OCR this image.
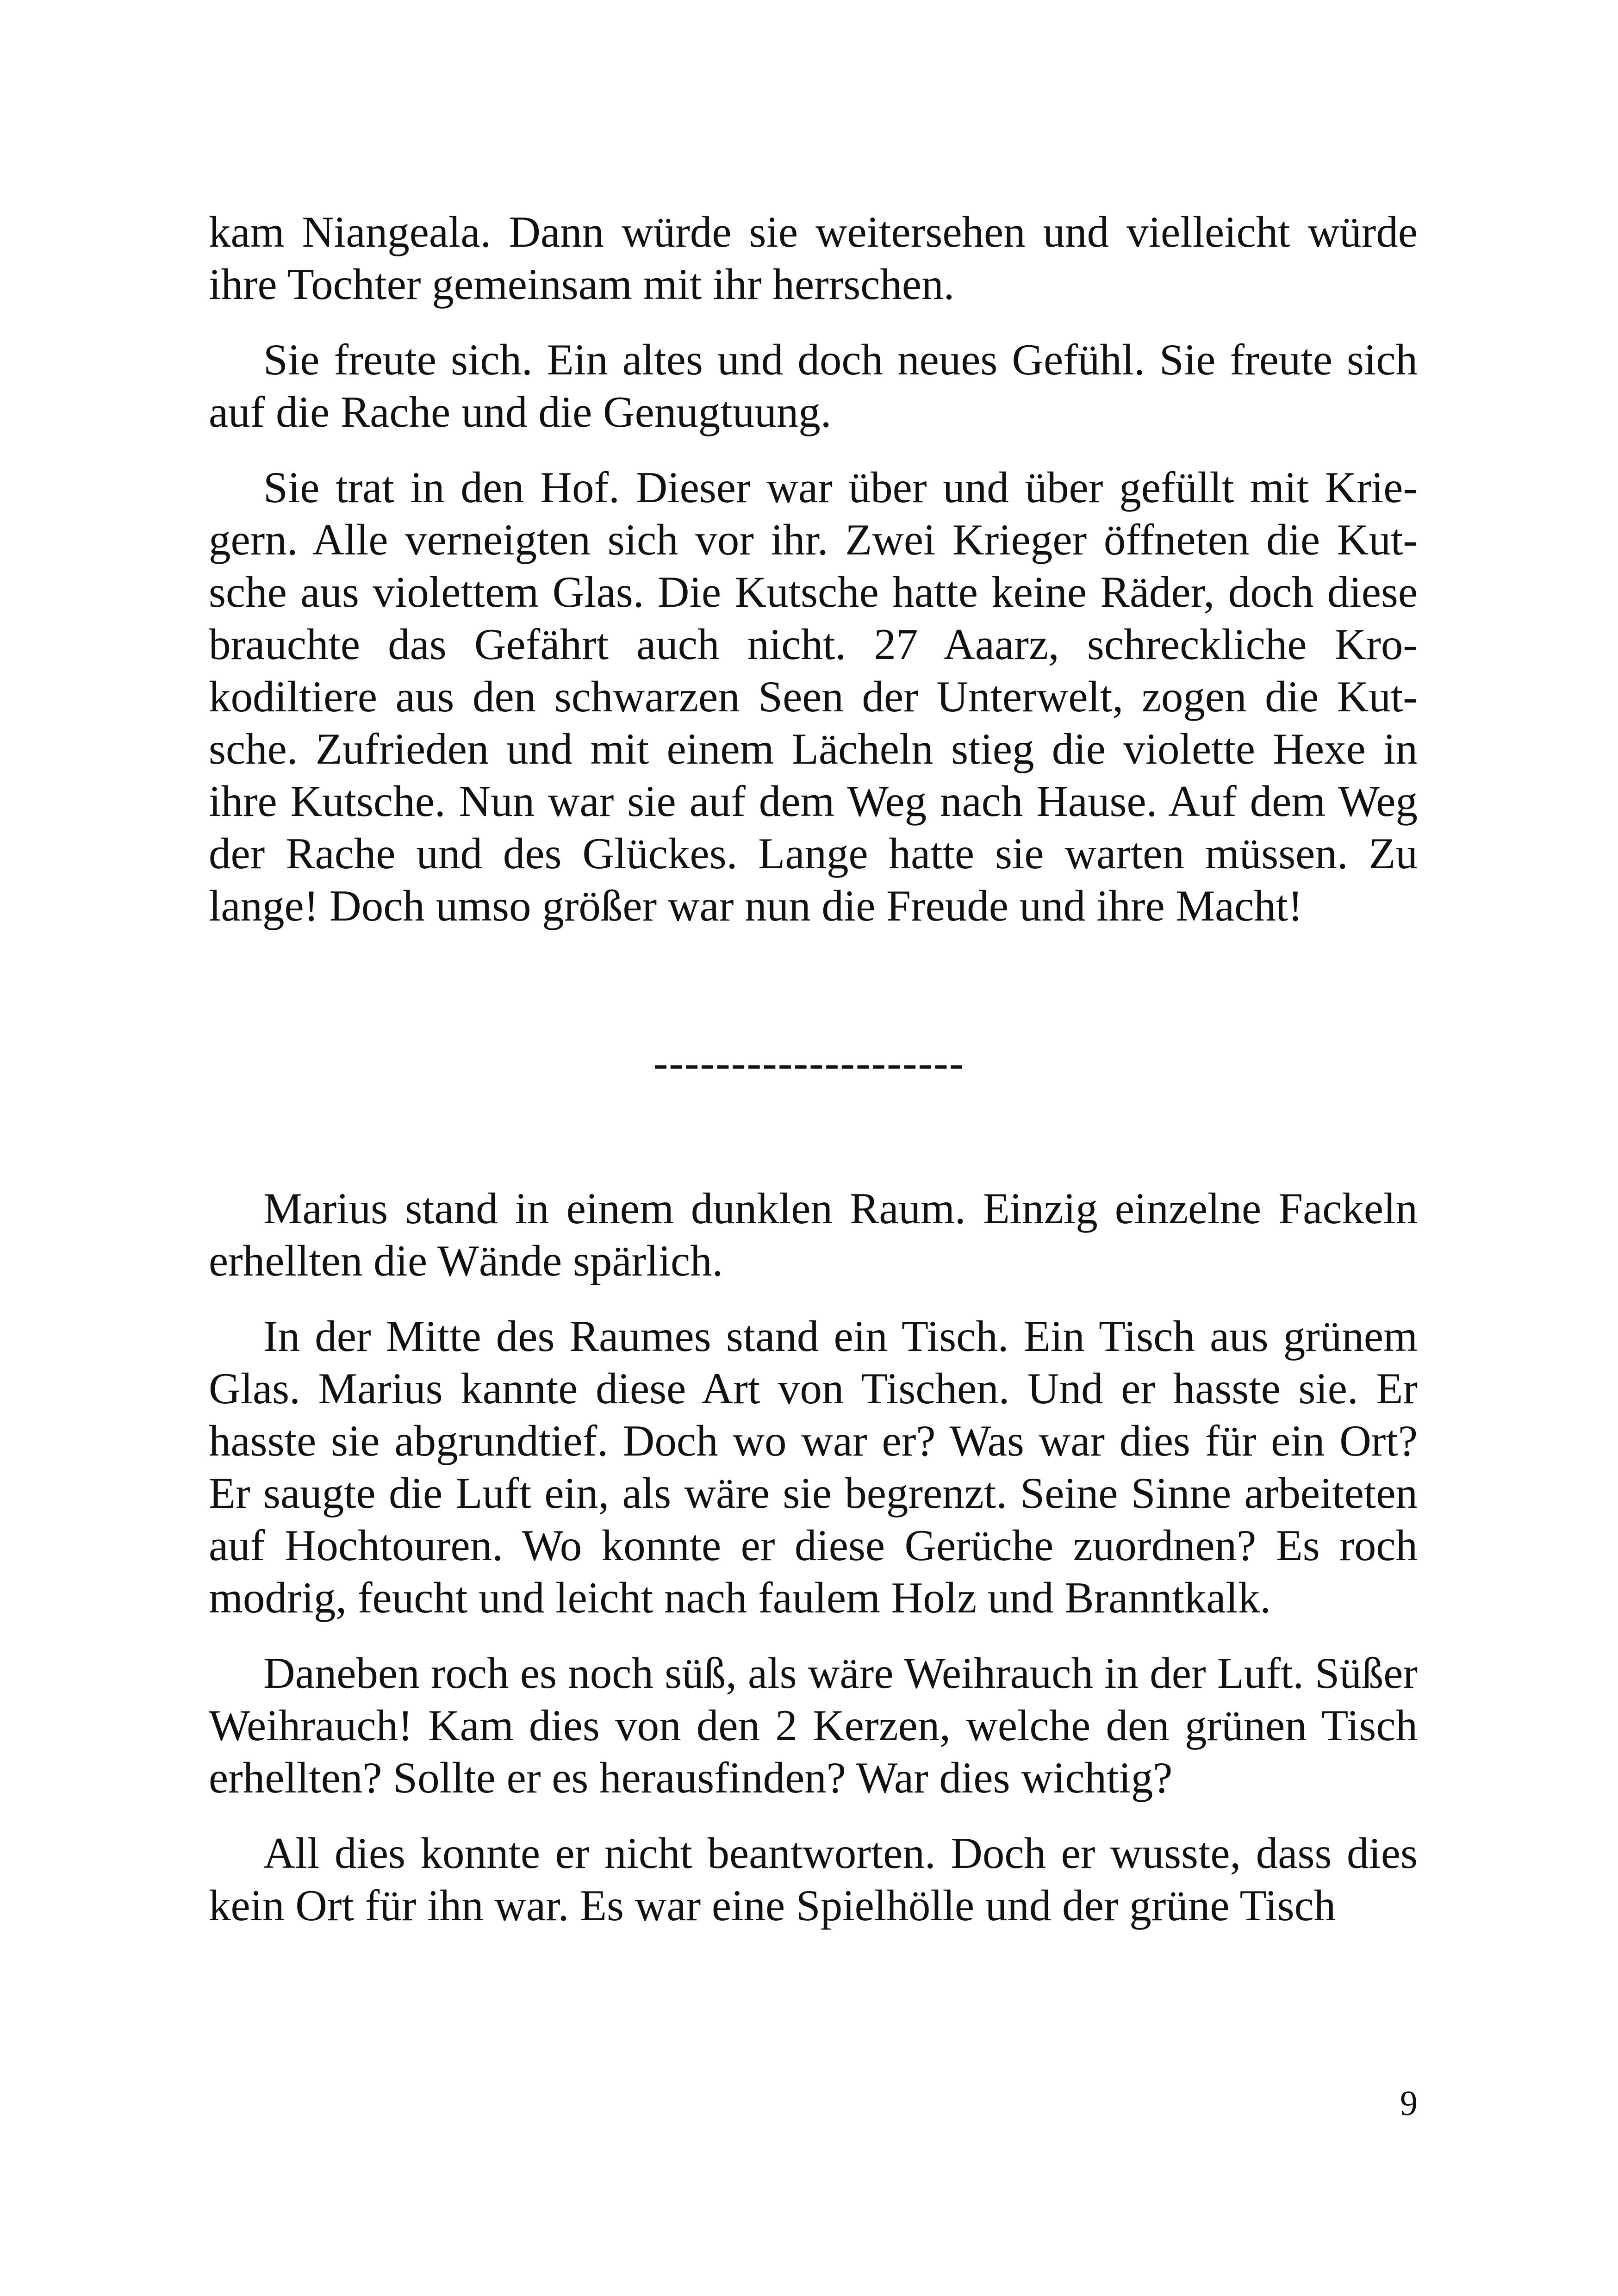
kam Niangeala. Dann würde sie weitersehen und vielleicht würde ihre Tochter gemeinsam mit ihr herrschen.

Sie freute sich. Ein altes und doch neues Gefühl. Sie freute sich auf die Rache und die Genugtuung.

Sie trat in den Hof. Dieser war über und über gefüllt mit Kriegern. Alle verneigten sich vor ihr. Zwei Krieger öffneten die Kutsche aus violettem Glas. Die Kutsche hatte keine Räder, doch diese brauchte das Gefährt auch nicht. 27 Aaarz, schreckliche Krokodiltiere aus den schwarzen Seen der Unterwelt, zogen die Kutsche. Zufrieden und mit einem Lächeln stieg die violette Hexe in ihre Kutsche. Nun war sie auf dem Weg nach Hause. Auf dem Weg der Rache und des Glückes. Lange hatte sie warten müssen. Zu lange! Doch umso größer war nun die Freude und ihre Macht!

--------------------

Marius stand in einem dunklen Raum. Einzig einzelne Fackeln erhellten die Wände spärlich.

In der Mitte des Raumes stand ein Tisch. Ein Tisch aus grünem Glas. Marius kannte diese Art von Tischen. Und er hasste sie. Er hasste sie abgrundtief. Doch wo war er? Was war dies für ein Ort? Er saugte die Luft ein, als wäre sie begrenzt. Seine Sinne arbeiteten auf Hochtouren. Wo konnte er diese Gerüche zuordnen? Es roch modrig, feucht und leicht nach faulem Holz und Branntkalk.

Daneben roch es noch süß, als wäre Weihrauch in der Luft. Süßer Weihrauch! Kam dies von den 2 Kerzen, welche den grünen Tisch erhellten? Sollte er es herausfinden? War dies wichtig?

All dies konnte er nicht beantworten. Doch er wusste, dass dies kein Ort für ihn war. Es war eine Spielhölle und der grüne Tisch

9
